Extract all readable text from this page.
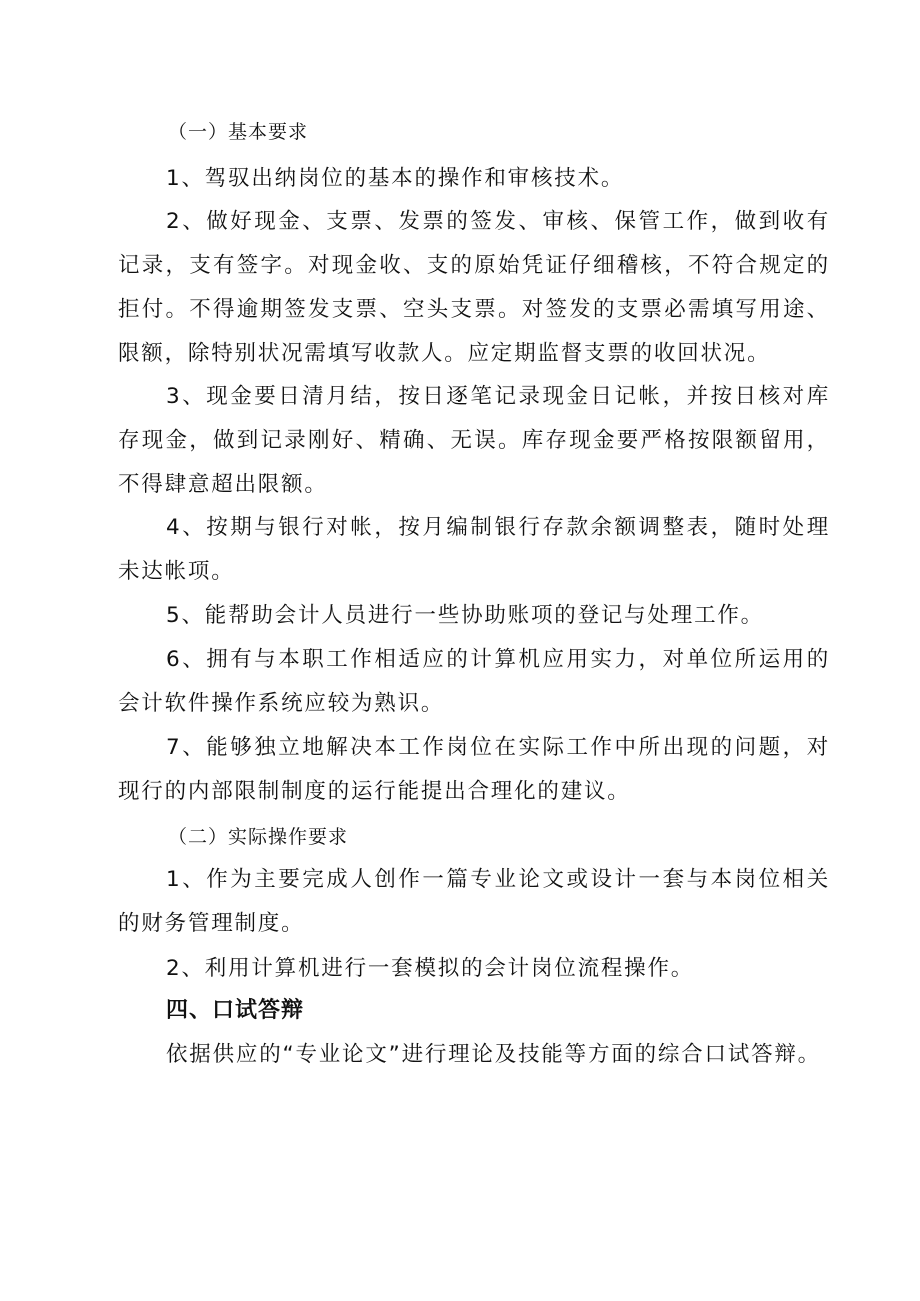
（一）基本要求

1、驾驭出纳岗位的基本的操作和审核技术。

2、做好现金、支票、发票的签发、审核、保管工作，做到收有记录，支有签字。对现金收、支的原始凭证仔细稽核，不符合规定的拒付。不得逾期签发支票、空头支票。对签发的支票必需填写用途、限额，除特别状况需填写收款人。应定期监督支票的收回状况。

3、现金要日清月结，按日逐笔记录现金日记帐，并按日核对库存现金，做到记录刚好、精确、无误。库存现金要严格按限额留用，不得肆意超出限额。

4、按期与银行对帐，按月编制银行存款余额调整表，随时处理未达帐项。

5、能帮助会计人员进行一些协助账项的登记与处理工作。

6、拥有与本职工作相适应的计算机应用实力，对单位所运用的会计软件操作系统应较为熟识。

7、能够独立地解决本工作岗位在实际工作中所出现的问题，对现行的内部限制制度的运行能提出合理化的建议。

（二）实际操作要求

1、作为主要完成人创作一篇专业论文或设计一套与本岗位相关的财务管理制度。

2、利用计算机进行一套模拟的会计岗位流程操作。

四、口试答辩

依据供应的“专业论文”进行理论及技能等方面的综合口试答辩。
